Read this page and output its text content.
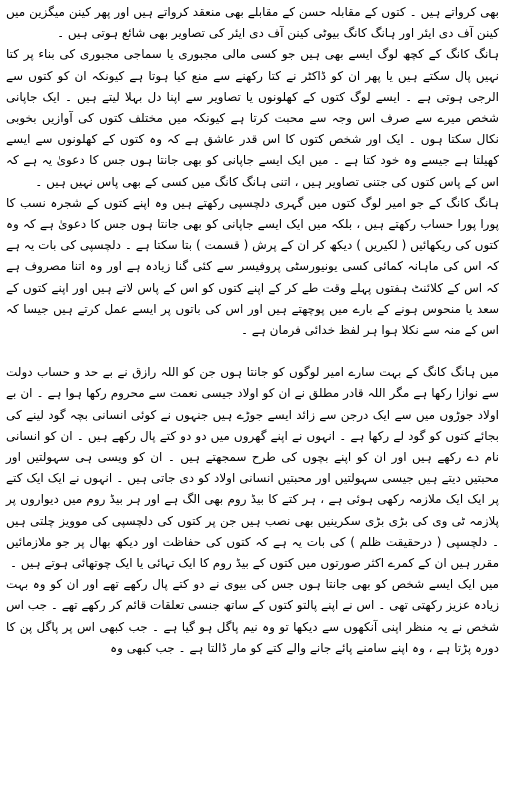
بھی کرواتے ہیں ۔ کتوں کے مقابلہ حسن کے مقابلے بھی منعقد کرواتے ہیں اور پھر کینن میگزین میں کینن آف دی ایئر اور ہانگ کانگ بیوٹی کینن آف دی ایئر کی تصاویر بھی شائع ہوتی ہیں ۔

ہانگ کانگ کے کچھ لوگ ایسے بھی ہیں جو کسی مالی مجبوری یا سماجی مجبوری کی بناء پر کتا نہیں پال سکتے ہیں یا پھر ان کو ڈاکٹر نے کتا رکھنے سے منع کیا ہوتا ہے کیونکہ ان کو کتوں سے الرجی ہوتی ہے ۔ ایسے لوگ کتوں کے کھلونوں یا تصاویر سے اپنا دل بہلا لیتے ہیں ۔ ایک جاپانی شخص میرے سے صرف اس وجہ سے محبت کرتا ہے کیونکہ میں مختلف کتوں کی آوازیں بخوبی نکال سکتا ہوں ۔ ایک اور شخص کتوں کا اس قدر عاشق ہے کہ وہ کتوں کے کھلونوں سے ایسے کھیلتا ہے جیسے وہ خود کتا ہے ۔ میں ایک ایسے جاپانی کو بھی جانتا ہوں جس کا دعویٰ یہ ہے کہ اس کے پاس کتوں کی جتنی تصاویر ہیں ، اتنی ہانگ کانگ میں کسی کے بھی پاس نہیں ہیں ۔

ہانگ کانگ کے جو امیر لوگ کتوں میں گہری دلچسپی رکھتے ہیں وہ اپنے کتوں کے شجرہ نسب کا پورا پورا حساب رکھتے ہیں ، بلکہ میں ایک ایسے جاپانی کو بھی جانتا ہوں جس کا دعویٰ ہے کہ وہ کتوں کی ریکھائیں ( لکیریں ) دیکھ کر ان کے پرش ( قسمت ) بتا سکتا ہے ۔ دلچسپی کی بات یہ ہے کہ اس کی ماہانہ کمائی کسی یونیورسٹی پروفیسر سے کئی گنا زیادہ ہے اور وہ اتنا مصروف ہے کہ اس کے کلائنٹ ہفتوں پہلے وقت طے کر کے اپنے کتوں کو اس کے پاس لاتے ہیں اور اپنے کتوں کے سعد یا منحوس ہونے کے بارے میں پوچھتے ہیں اور اس کی باتوں پر ایسے عمل کرتے ہیں جیسا کہ اس کے منہ سے نکلا ہوا ہر لفظ خدائی فرمان ہے ۔

میں ہانگ کانگ کے بہت سارے امیر لوگوں کو جانتا ہوں جن کو اللہ رازق نے بے حد و حساب دولت سے نوازا رکھا ہے مگر اللہ قادر مطلق نے ان کو اولاد جیسی نعمت سے محروم رکھا ہوا ہے ۔ ان بے اولاد جوڑوں میں سے ایک درجن سے زائد ایسے جوڑے ہیں جنہوں نے کوئی انسانی بچہ گود لینے کی بجائے کتوں کو گود لے رکھا ہے ۔ انہوں نے اپنے گھروں میں دو دو کتے پال رکھے ہیں ۔ ان کو انسانی نام دے رکھے ہیں اور ان کو اپنے بچوں کی طرح سمجھتے ہیں ۔ ان کو ویسی ہی سہولتیں اور محبتیں دیتے ہیں جیسی سہولتیں اور محبتیں انسانی اولاد کو دی جاتی ہیں ۔ انہوں نے ایک ایک کتے پر ایک ایک ملازمہ رکھی ہوئی ہے ، ہر کتے کا بیڈ روم بھی الگ ہے اور ہر بیڈ روم میں دیواروں پر پلازمہ ٹی وی کی بڑی بڑی سکرینیں بھی نصب ہیں جن پر کتوں کی دلچسپی کی موویز چلتی ہیں ۔ دلچسپی ( درحقیقت ظلم ) کی بات یہ ہے کہ کتوں کی حفاظت اور دیکھ بھال پر جو ملازمائیں مقرر ہیں ان کے کمرے اکثر صورتوں میں کتوں کے بیڈ روم کا ایک تہائی یا ایک چوتھائی ہوتے ہیں ۔

میں ایک ایسے شخص کو بھی جانتا ہوں جس کی بیوی نے دو کتے پال رکھے تھے اور ان کو وہ بہت زیادہ عزیز رکھتی تھی ۔ اس نے اپنے پالتو کتوں کے ساتھ جنسی تعلقات قائم کر رکھے تھے ۔ جب اس شخص نے یہ منظر اپنی آنکھوں سے دیکھا تو وہ نیم پاگل ہو گیا ہے ۔ جب کبھی اس پر پاگل پن کا دورہ پڑتا ہے ، وہ اپنے سامنے پائے جانے والے کتے کو مار ڈالتا ہے ۔ جب کبھی وہ
